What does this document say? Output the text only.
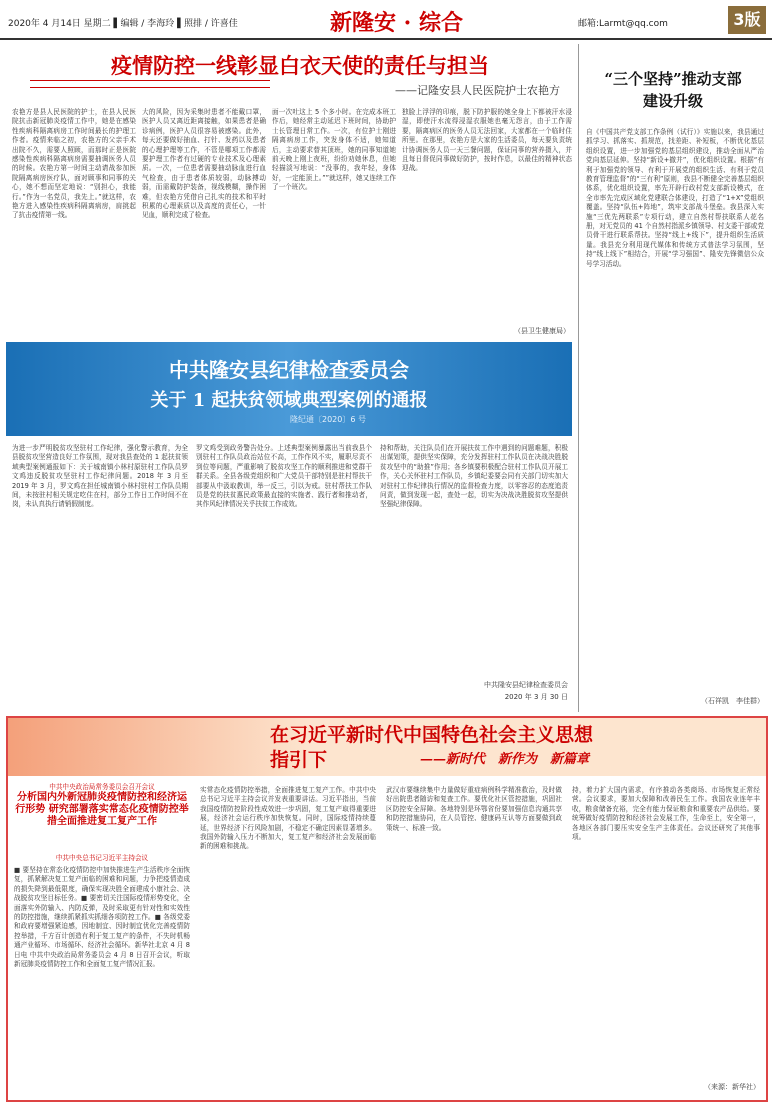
2020年 4 月14日 星期二 ▌编辑 / 李海玲 ▌照排 / 许喜佳	新隆安 · 综合	邮箱:Larmt@qq.com	3版
疫情防控一线彰显白衣天使的责任与担当
——记隆安县人民医院护士农艳方
农艳方是县人民医院的护士，在县人民医院抗击新冠肺炎疫情工作中，她是在感染性疾病科隔离病房工作时间最长的护理工作者。疫情来临之初，农艳方的父亲手术出院不久，需要人照顾，而那时正是医院感染性疾病科隔离病房需要抽调医务人员的时候。农艳方第一时间主动请战参加医院隔离病房医疗队，面对顾事和同事的关心，她不想而坚定地说：“别担心，我能行。”作为一名党员，我先上。”就这样，农艳方进入感染性疾病科隔离病房，肩挑起了抗击疫情第一线。
大的风险，因为采集时患者不能戴口罩，医护人员又离近距离接触，如果患者是确诊病例，医护人员很容易被感染。此外，每天还要做好抽血、打针、发药以及患者的心理护理等工作，不管是哪项工作都需要护理工作者有过硬的专业技术及心理素质。一次，一位患者需要抽动脉血进行血气检查，由于患者体质较弱，动脉搏动弱，而需戴防护装备，视线模糊，操作困难，但农艳方凭借自己扎实的技术和平时积累的心理素质以及高度的责任心，一针见血，顺利完成了检查。
面一次吐这上 5 个多小时。在完成本班工作后，她经常主动延迟下班时间，协助护士长管理日常工作。一次，有位护士刚进隔离病房工作，突发身体不适，她知道后，主动要求替其顶班，她的同事知道她前天晚上刚上夜班，纷纷劝她休息，但她轻描淡写地说：“没事的，我年轻，身体好，一定能顶上。””就这样，她又连续工作了一个班次。
独脸上浮浮的印痕，脱下防护服的她全身上下都被汗水浸湿，即使汗水流得浸湿衣服她也毫无怨言，由于工作需要，隔离病区的医务人员无法回家，大家都在一个临时住所里。在那里，农艳方是大家的生活委员，每天要负责统计协调医务人员一天三餐问题，保证同事的营养摄入，并且每日督促同事做好防护，按时作息，以最佳的精神状态迎战。
（县卫生健康局）
“三个坚持”推动支部建设升级
自《中国共产党支部工作条例（试行）》实施以来，我县通过抓学习、抓落实、抓规范，找差距、补短板，不断优化基层组织设置，进一步加强党的基层组织建设，推动全面从严治党向基层延伸。坚持“新设+撤并”，优化组织设置。根据“有利于加强党的领导、有利于开展党的组织生活、有利于党员教育管理监督”的“三有利”原则，我县不断健全完善基层组织体系，优化组织设置，率先开辟行政村党支部新设模式，在全市率先完成区域化党建联合体建设，打造了“1+X”党组织覆盖。坚持“队伍+阵地”，筑牢支部战斗堡垒。我县深入实施“三优先两联系”专项行动，建立自然村帮扶联系人花名册，对无党员的 41 个自然村指派乡镇领导、村支委干部或党员骨干进行联系帮扶。坚持“线上+线下”，提升组织生活质量。我县充分利用现代媒体和传统方式普法学习氛围，坚持“线上线下”相结合，开展“学习强国”、隆安先锋微信公众号学习活动。
（石祥凯　李佳群）
中共隆安县纪律检查委员会
关于 1 起扶贫领域典型案例的通报
隆纪通〔2020〕6 号
为进一步严明脱贫攻坚驻村工作纪律，强化警示教育，为全县脱贫攻坚营造良好工作氛围，现对我县查处的 1 起扶贫领域典型案例通报如下：关于城南镇小林村原驻村工作队员罗文鸡违反脱贫攻坚驻村工作纪律问题。2018 年 3 月至 2019 年 3 月，罗文鸡在担任城南镇小林村驻村工作队员期间，未按驻村相关规定吃住在村，部分工作日工作时间不在岗，未认真执行请销假制度。
罗文鸡受到政务警告处分。上述典型案例暴露出当前我县个别驻村工作队员政治站位不高，工作作风不实，履职尽责不到位等问题，严重影响了脱贫攻坚工作的顺利推进和党群干群关系。全县各级党组织和广大党员干部特别是驻村帮扶干部要从中汲取教训，举一反三，引以为戒。驻村帮扶工作队员是党的扶贫惠民政策最直接的实施者、践行者和推动者，其作风纪律情况关乎扶贫工作成效。
持和帮助，关注队员们在开展扶贫工作中遇到的问题难题，积极出谋划策，提供坚实保障，充分发挥驻村工作队员在决战决胜脱贫攻坚中的“助推”作用；各乡镇要积极配合驻村工作队员开展工作，关心关怀驻村工作队员，乡镇纪委要会同有关部门切实加大对驻村工作纪律执行情况的监督检查力度，以零容忍的态度追责问责，做到发现一起，查处一起，切实为决战决胜脱贫攻坚提供坚强纪律保障。
中共隆安县纪律检查委员会
2020 年 3 月 30 日
在习近平新时代中国特色社会主义思想
指引下	——新时代　新作为　新篇章
中共中央政治局常务委员会召开会议
分析国内外新冠肺炎疫情防控和经济运行形势 研究部署落实常态化疫情防控举措全面推进复工复产工作
中共中央总书记习近平主持会议
■ 要坚持在常态化疫情防控中加快推进生产生活秩序全面恢复，抓紧解决复工复产面临的困难和问题，力争把疫情造成的损失降到最低限度，确保实现决胜全面建成小康社会、决战脱贫攻坚目标任务。■ 要密切关注国际疫情形势变化，全面落实外防输入、内防反弹，及时采取更有针对性和实效性的防控措施，继续抓紧抓实抓细各项防控工作。■ 各级党委和政府要增强紧迫感，因地制宜、因时制宜优化完善疫情防控举措，千方百计创造有利于复工复产的条件，不失时机畅通产业循环、市场循环、经济社会循环。新华社北京 4 月 8 日电 中共中央政治局常务委员会 4 月 8 日召开会议，听取新冠肺炎疫情防控工作和全面复工复产情况汇报。
实常态化疫情防控举措，全面推进复工复产工作。中共中央总书记习近平主持会议并发表重要讲话。习近平指出，当前我国疫情防控阶段性成效进一步巩固，复工复产取得重要进展，经济社会运行秩序加快恢复。同时，国际疫情持续蔓延，世界经济下行风险加剧，不稳定不确定因素显著增多。我国外防输入压力不断加大，复工复产和经济社会发展面临新的困难和挑战。
武汉市要继续集中力量做好重症病例科学精准救治，及时做好出院患者随访和复查工作。要优化社区管控措施，巩固社区防控安全屏障。各地特别是环鄂省份要加强信息沟通共享和防控措施协同，在人员管控、健康码互认等方面要做到政策统一、标准一致。
持，着力扩大国内需求，有序推动各类商场、市场恢复正常经营。会议要求，要加大保障和改善民生工作。我国农业连年丰收，粮食储备充裕，完全有能力保证粮食和重要农产品供给。要统筹做好疫情防控和经济社会发展工作，生命至上，安全第一，各地区各部门要压实安全生产主体责任。会议还研究了其他事项。
（来源：新华社）
